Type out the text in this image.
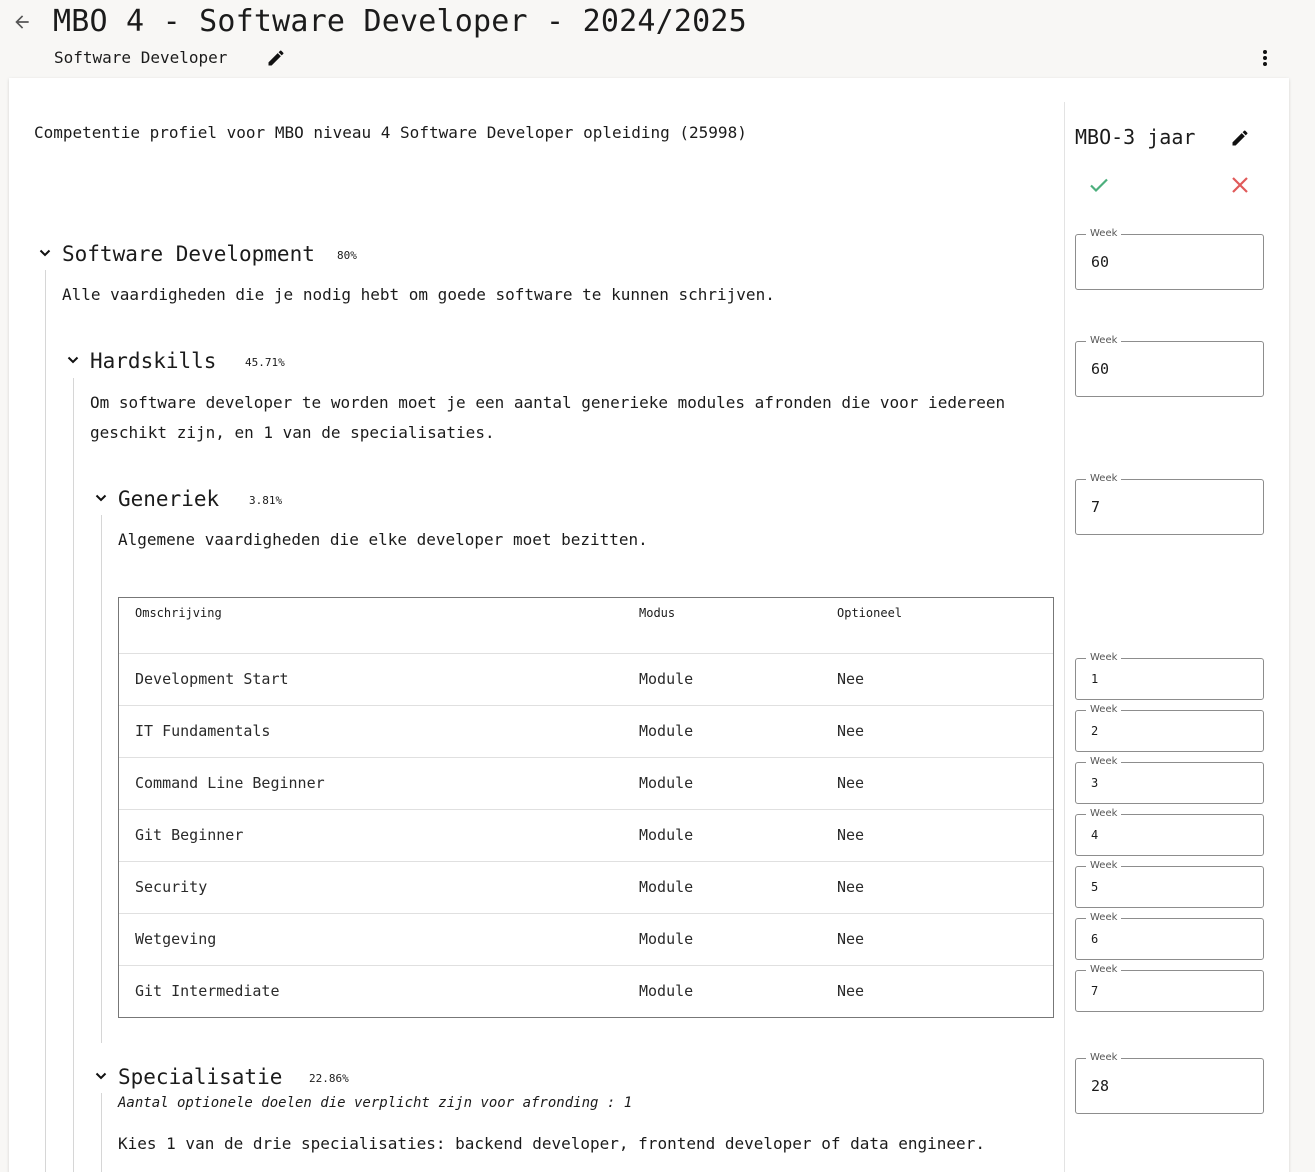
MBO 4 - Software Developer - 2024/2025
Software Developer
Competentie profiel voor MBO niveau 4 Software Developer opleiding (25998)
Software Development 80%
Alle vaardigheden die je nodig hebt om goede software te kunnen schrijven.
Hardskills	45.71%
Om software developer te worden moet je een aantal generieke modules afronden die voor iedereen geschikt zijn, en 1 van de specialisaties.
Generiek	3.81%
Algemene vaardigheden die elke developer moet bezitten.
Omschrijving	Modus	Optioneel
Development Start	Module	Nee
IT Fundamentals	Module	Nee
Command Line Beginner	Module	Nee
Git Beginner	Module	Nee
Security	Module	Nee
Wetgeving	Module	Nee
Git Intermediate	Module	Nee
Specialisatie 22.86%
Aantal optionele doelen die verplicht zijn voor afronding : 1
Kies 1 van de drie specialisaties: backend developer, frontend developer of data engineer.
MBO-3 jaar
Week
60
Week
60
Week
7
Week
1
Week
2
Week
3
Week
4
Week
5
Week
6
Week
7
Week
28
